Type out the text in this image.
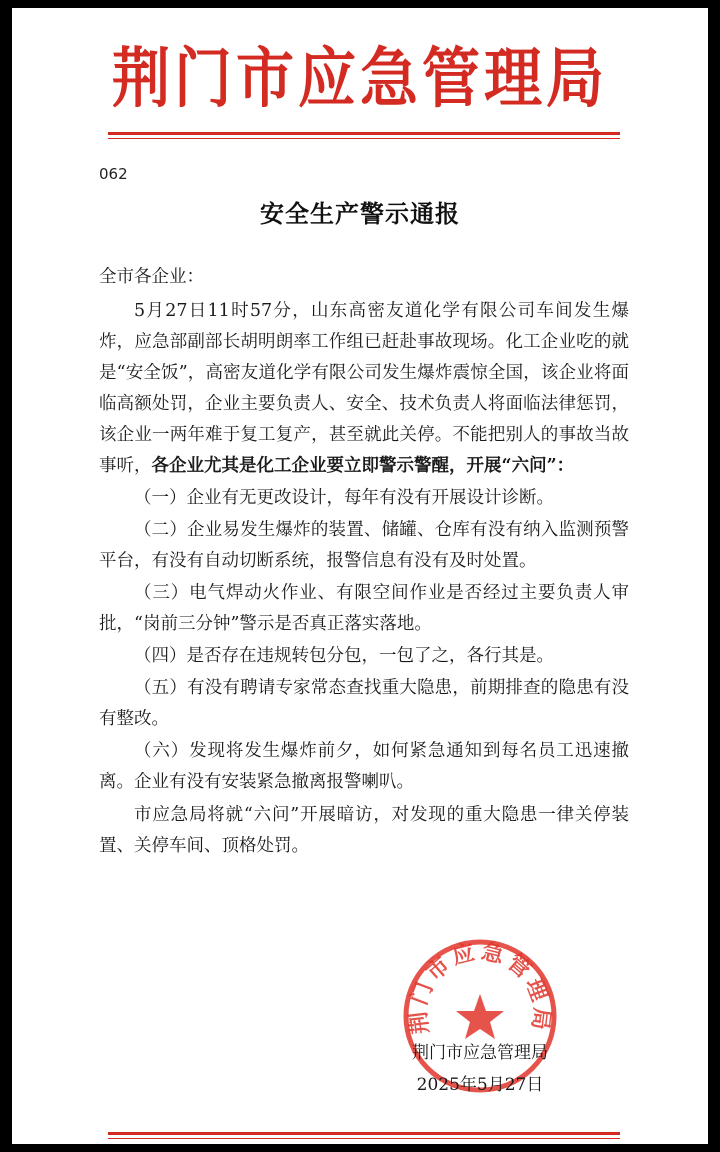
荆门市应急管理局
062
安全生产警示通报

全市各企业：

5月27日11时57分，山东高密友道化学有限公司车间发生爆炸，应急部副部长胡明朗率工作组已赶赴事故现场。化工企业吃的就是“安全饭”，高密友道化学有限公司发生爆炸震惊全国，该企业将面临高额处罚，企业主要负责人、安全、技术负责人将面临法律惩罚，该企业一两年难于复工复产，甚至就此关停。不能把别人的事故当故事听，各企业尤其是化工企业要立即警示警醒，开展“六问”：

（一）企业有无更改设计，每年有没有开展设计诊断。

（二）企业易发生爆炸的装置、储罐、仓库有没有纳入监测预警平台，有没有自动切断系统，报警信息有没有及时处置。

（三）电气焊动火作业、有限空间作业是否经过主要负责人审批，“岗前三分钟”警示是否真正落实落地。

（四）是否存在违规转包分包，一包了之，各行其是。

（五）有没有聘请专家常态查找重大隐患，前期排查的隐患有没有整改。

（六）发现将发生爆炸前夕，如何紧急通知到每名员工迅速撤离。企业有没有安装紧急撤离报警喇叭。

市应急局将就“六问”开展暗访，对发现的重大隐患一律关停装置、关停车间、顶格处罚。

荆门市应急管理局
荆门市应急管理局
2025年5月27日
